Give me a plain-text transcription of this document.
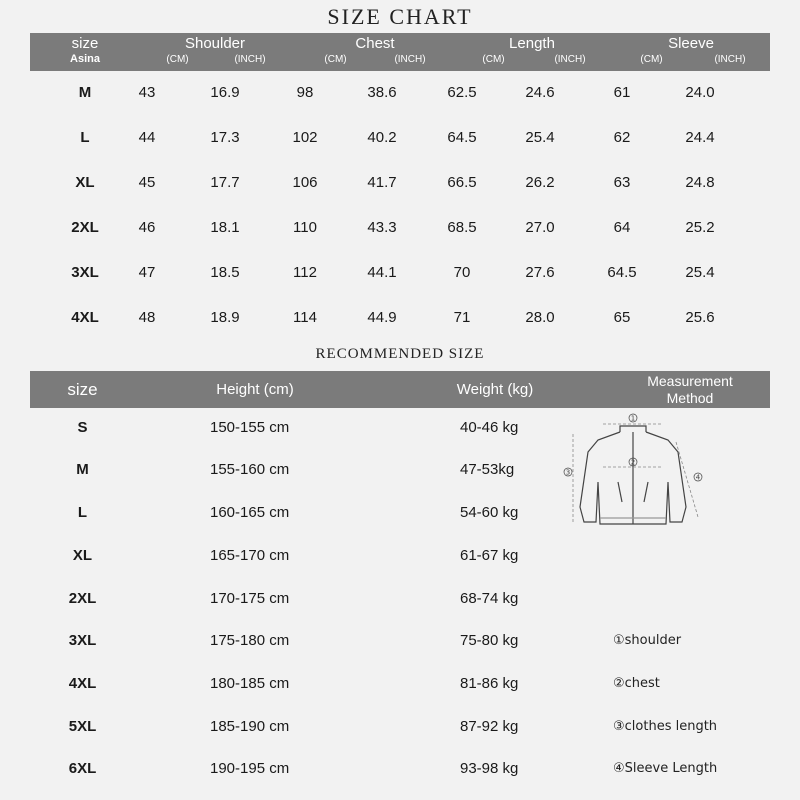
SIZE CHART
size
Asina
Shoulder	Chest	Length	Sleeve
(CM)	(INCH)	(CM)	(INCH)	(CM)	(INCH)	(CM)	(INCH)
M	43	16.9	98	38.6	62.5	24.6	61	24.0
L	44	17.3	102	40.2	64.5	25.4	62	24.4
XL	45	17.7	106	41.7	66.5	26.2	63	24.8
2XL	46	18.1	110	43.3	68.5	27.0	64	25.2
3XL	47	18.5	112	44.1	70	27.6	64.5	25.4
4XL	48	18.9	114	44.9	71	28.0	65	25.6
RECOMMENDED SIZE
size	Height (cm)	Weight (kg)	Measurement
Method
S	150-155 cm	40-46 kg
M	155-160 cm	47-53kg
L	160-165 cm	54-60 kg
XL	165-170 cm	61-67 kg
2XL	170-175 cm	68-74 kg
3XL	175-180 cm	75-80 kg
4XL	180-185 cm	81-86 kg
5XL	185-190 cm	87-92 kg
6XL	190-195 cm	93-98 kg
1
2
3
4
①shoulder
②chest
③clothes length
④Sleeve Length
